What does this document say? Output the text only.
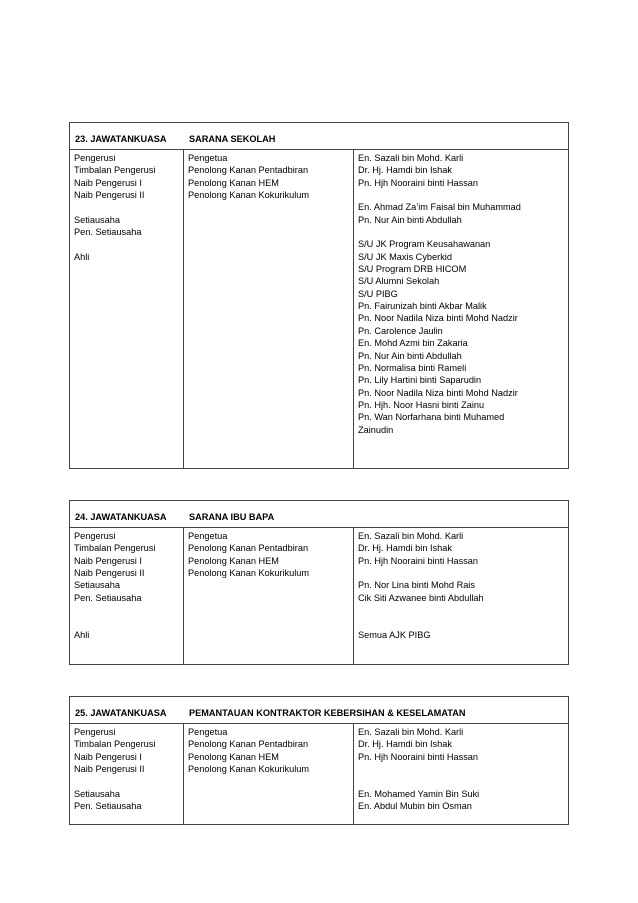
23. JAWATANKUASA SARANA SEKOLAH
Pengerusi
Timbalan Pengerusi
Naib Pengerusi I
Naib Pengerusi II
Setiausaha
Pen. Setiausaha
Ahli
Pengetua
Penolong Kanan Pentadbiran
Penolong Kanan HEM
Penolong Kanan Kokurikulum
En. Sazali bin Mohd. Karli
Dr. Hj. Hamdi bin Ishak
Pn. Hjh Nooraini binti Hassan
En. Ahmad Za’im Faisal bin Muhammad
Pn. Nur Ain binti Abdullah
S/U JK Program Keusahawanan
S/U JK Maxis Cyberkid
S/U Program DRB HICOM
S/U Alumni Sekolah
S/U PIBG
Pn. Fairunizah binti Akbar Malik
Pn. Noor Nadila Niza binti Mohd Nadzir
Pn. Carolence Jaulin
En. Mohd Azmi bin Zakaria
Pn. Nur Ain binti Abdullah
Pn. Normalisa binti Rameli
Pn. Lily Hartini binti Saparudin
Pn. Noor Nadila Niza binti Mohd Nadzir
Pn. Hjh. Noor Hasni binti Zainu
Pn. Wan Norfarhana binti Muhamed
Zainudin
24. JAWATANKUASA SARANA IBU BAPA
Pengerusi
Timbalan Pengerusi
Naib Pengerusi I
Naib Pengerusi II
Setiausaha
Pen. Setiausaha
Ahli
Pengetua
Penolong Kanan Pentadbiran
Penolong Kanan HEM
Penolong Kanan Kokurikulum
En. Sazali bin Mohd. Karli
Dr. Hj. Hamdi bin Ishak
Pn. Hjh Nooraini binti Hassan
Pn. Nor Lina binti Mohd Rais
Cik Siti Azwanee binti Abdullah
Semua AJK PIBG
25. JAWATANKUASA PEMANTAUAN KONTRAKTOR KEBERSIHAN & KESELAMATAN
Pengerusi
Timbalan Pengerusi
Naib Pengerusi I
Naib Pengerusi II
Setiausaha
Pen. Setiausaha
Pengetua
Penolong Kanan Pentadbiran
Penolong Kanan HEM
Penolong Kanan Kokurikulum
En. Sazali bin Mohd. Karli
Dr. Hj. Hamdi bin Ishak
Pn. Hjh Nooraini binti Hassan
En. Mohamed Yamin Bin Suki
En. Abdul Mubin bin Osman
